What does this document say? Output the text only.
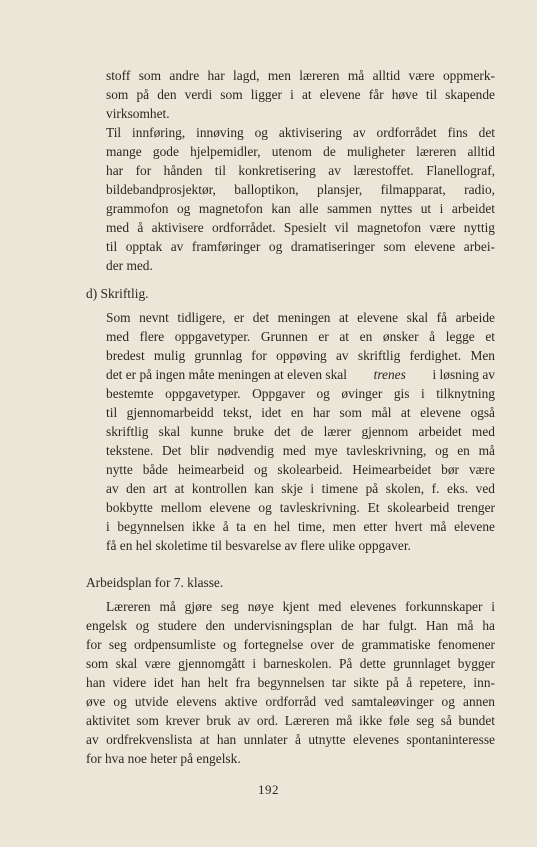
stoff som andre har lagd, men læreren må alltid være oppmerk-
som på den verdi som ligger i at elevene får høve til skapende
virksomhet.
Til innføring, innøving og aktivisering av ordforrådet fins det
mange gode hjelpemidler, utenom de muligheter læreren alltid
har for hånden til konkretisering av lærestoffet. Flanellograf,
bildebandprosjektør, balloptikon, plansjer, filmapparat, radio,
grammofon og magnetofon kan alle sammen nyttes ut i arbeidet
med å aktivisere ordforrådet. Spesielt vil magnetofon være nyttig
til opptak av framføringer og dramatiseringer som elevene arbei-
der med.
d) Skriftlig.
Som nevnt tidligere, er det meningen at elevene skal få arbeide
med flere oppgavetyper. Grunnen er at en ønsker å legge et
bredest mulig grunnlag for oppøving av skriftlig ferdighet. Men
det er på ingen måte meningen at eleven skal trenes i løsning av
bestemte oppgavetyper. Oppgaver og øvinger gis i tilknytning
til gjennomarbeidd tekst, idet en har som mål at elevene også
skriftlig skal kunne bruke det de lærer gjennom arbeidet med
tekstene. Det blir nødvendig med mye tavleskrivning, og en må
nytte både heimearbeid og skolearbeid. Heimearbeidet bør være
av den art at kontrollen kan skje i timene på skolen, f. eks. ved
bokbytte mellom elevene og tavleskrivning. Et skolearbeid trenger
i begynnelsen ikke å ta en hel time, men etter hvert må elevene
få en hel skoletime til besvarelse av flere ulike oppgaver.
Arbeidsplan for 7. klasse.
Læreren må gjøre seg nøye kjent med elevenes forkunnskaper i
engelsk og studere den undervisningsplan de har fulgt. Han må ha
for seg ordpensumliste og fortegnelse over de grammatiske fenomener
som skal være gjennomgått i barneskolen. På dette grunnlaget bygger
han videre idet han helt fra begynnelsen tar sikte på å repetere, inn-
øve og utvide elevens aktive ordforråd ved samtaleøvinger og annen
aktivitet som krever bruk av ord. Læreren må ikke føle seg så bundet
av ordfrekvenslista at han unnlater å utnytte elevenes spontaninteresse
for hva noe heter på engelsk.
192
